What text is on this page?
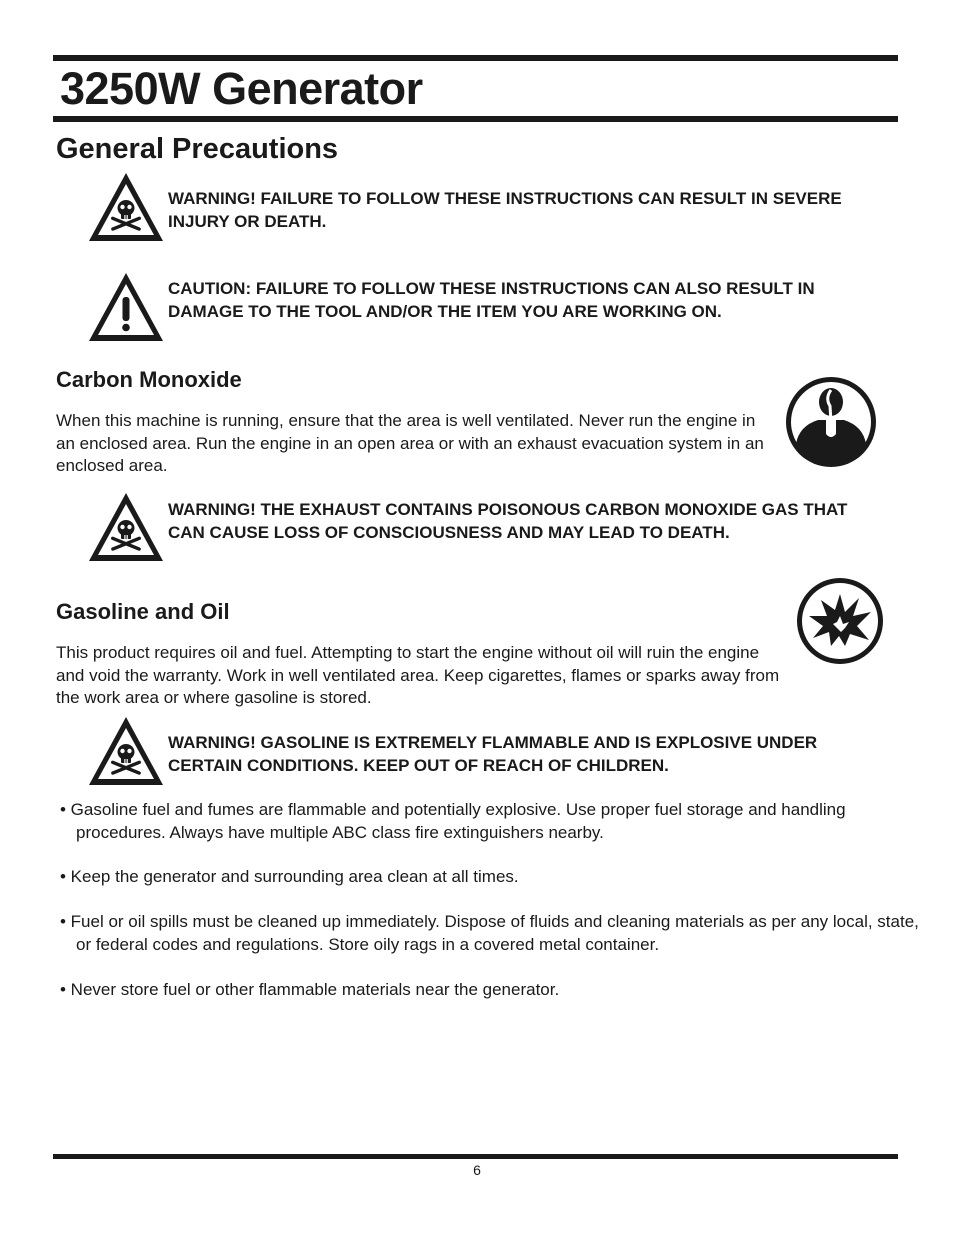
3250W Generator
General Precautions

WARNING! FAILURE TO FOLLOW THESE INSTRUCTIONS CAN RESULT IN SEVERE INJURY OR DEATH.

CAUTION: FAILURE TO FOLLOW THESE INSTRUCTIONS CAN ALSO RESULT IN DAMAGE TO THE TOOL AND/OR THE ITEM YOU ARE WORKING ON.

Carbon Monoxide

When this machine is running, ensure that the area is well ventilated. Never run the engine in an enclosed area. Run the engine in an open area or with an exhaust evacuation system in an enclosed area.

WARNING! THE EXHAUST CONTAINS POISONOUS CARBON MONOXIDE GAS THAT CAN CAUSE LOSS OF CONSCIOUSNESS AND MAY LEAD TO DEATH.

Gasoline and Oil

This product requires oil and fuel. Attempting to start the engine without oil will ruin the engine and void the warranty. Work in well ventilated area. Keep cigarettes, flames or sparks away from the work area or where gasoline is stored.

WARNING! GASOLINE IS EXTREMELY FLAMMABLE AND IS EXPLOSIVE UNDER CERTAIN CONDITIONS. KEEP OUT OF REACH OF CHILDREN.

• Gasoline fuel and fumes are flammable and potentially explosive. Use proper fuel storage and handling procedures. Always have multiple ABC class fire extinguishers nearby.

• Keep the generator and surrounding area clean at all times.

• Fuel or oil spills must be cleaned up immediately. Dispose of fluids and cleaning materials as per any local, state, or federal codes and regulations. Store oily rags in a covered metal container.

• Never store fuel or other flammable materials near the generator.

6
